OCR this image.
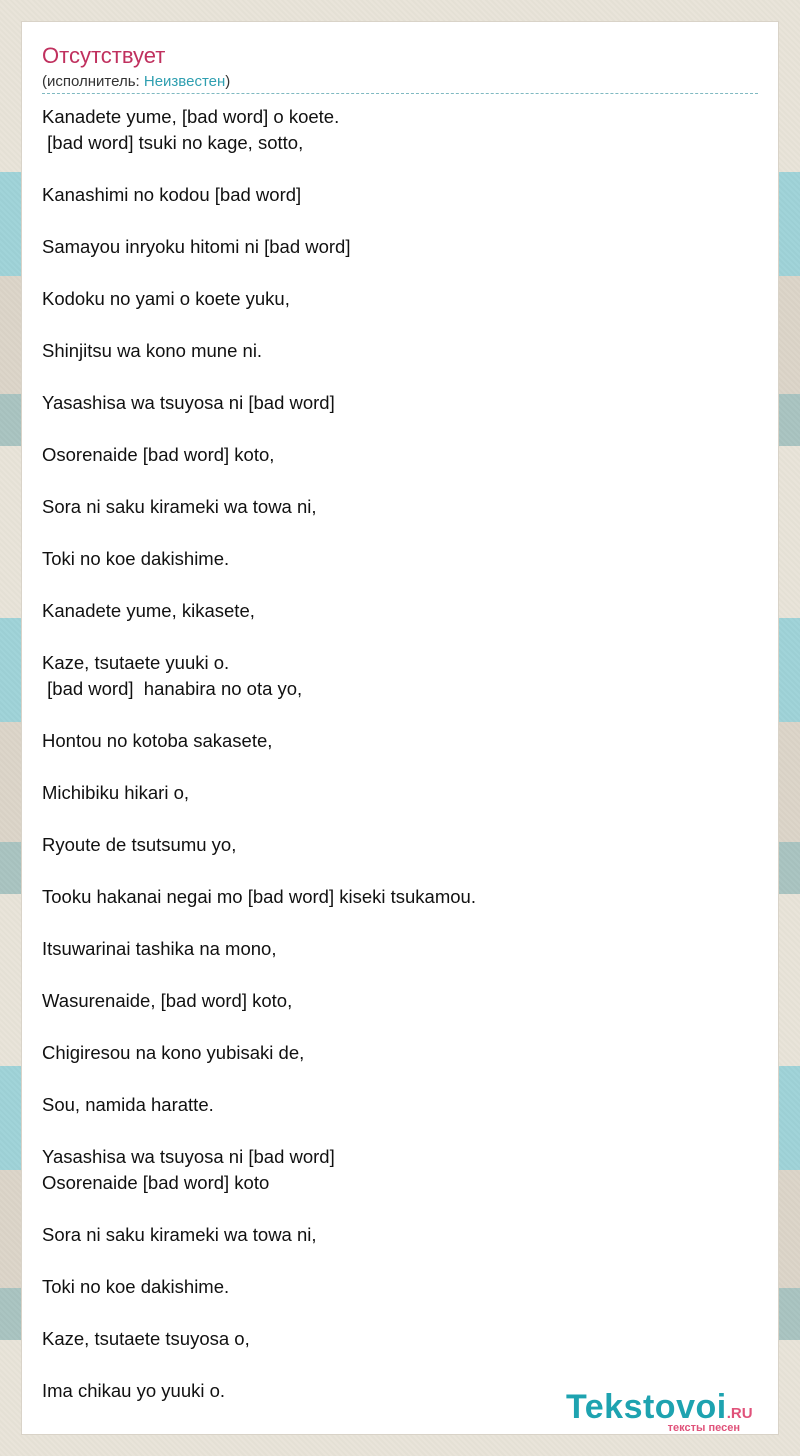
Отсутствует
(исполнитель: Неизвестен)
Kanadete yume, [bad word] o koete.
[bad word] tsuki no kage, sotto,
Kanashimi no kodou [bad word]
Samayou inryoku hitomi ni [bad word]
Kodoku no yami o koete yuku,
Shinjitsu wa kono mune ni.
Yasashisa wa tsuyosa ni [bad word]
Osorenaide [bad word] koto,
Sora ni saku kirameki wa towa ni,
Toki no koe dakishime.
Kanadete yume, kikasete,
Kaze, tsutaete yuuki o.
[bad word]  hanabira no ota yo,
Hontou no kotoba sakasete,
Michibiku hikari o,
Ryoute de tsutsumu yo,
Tooku hakanai negai mo [bad word] kiseki tsukamou.
Itsuwarinai tashika na mono,
Wasurenaide, [bad word] koto,
Chigiresou na kono yubisaki de,
Sou, namida haratte.
Yasashisa wa tsuyosa ni [bad word]
Osorenaide [bad word] koto
Sora ni saku kirameki wa towa ni,
Toki no koe dakishime.
Kaze, tsutaete tsuyosa o,
Ima chikau yo yuuki o.	Tekstovoi.RU
тексты песен
